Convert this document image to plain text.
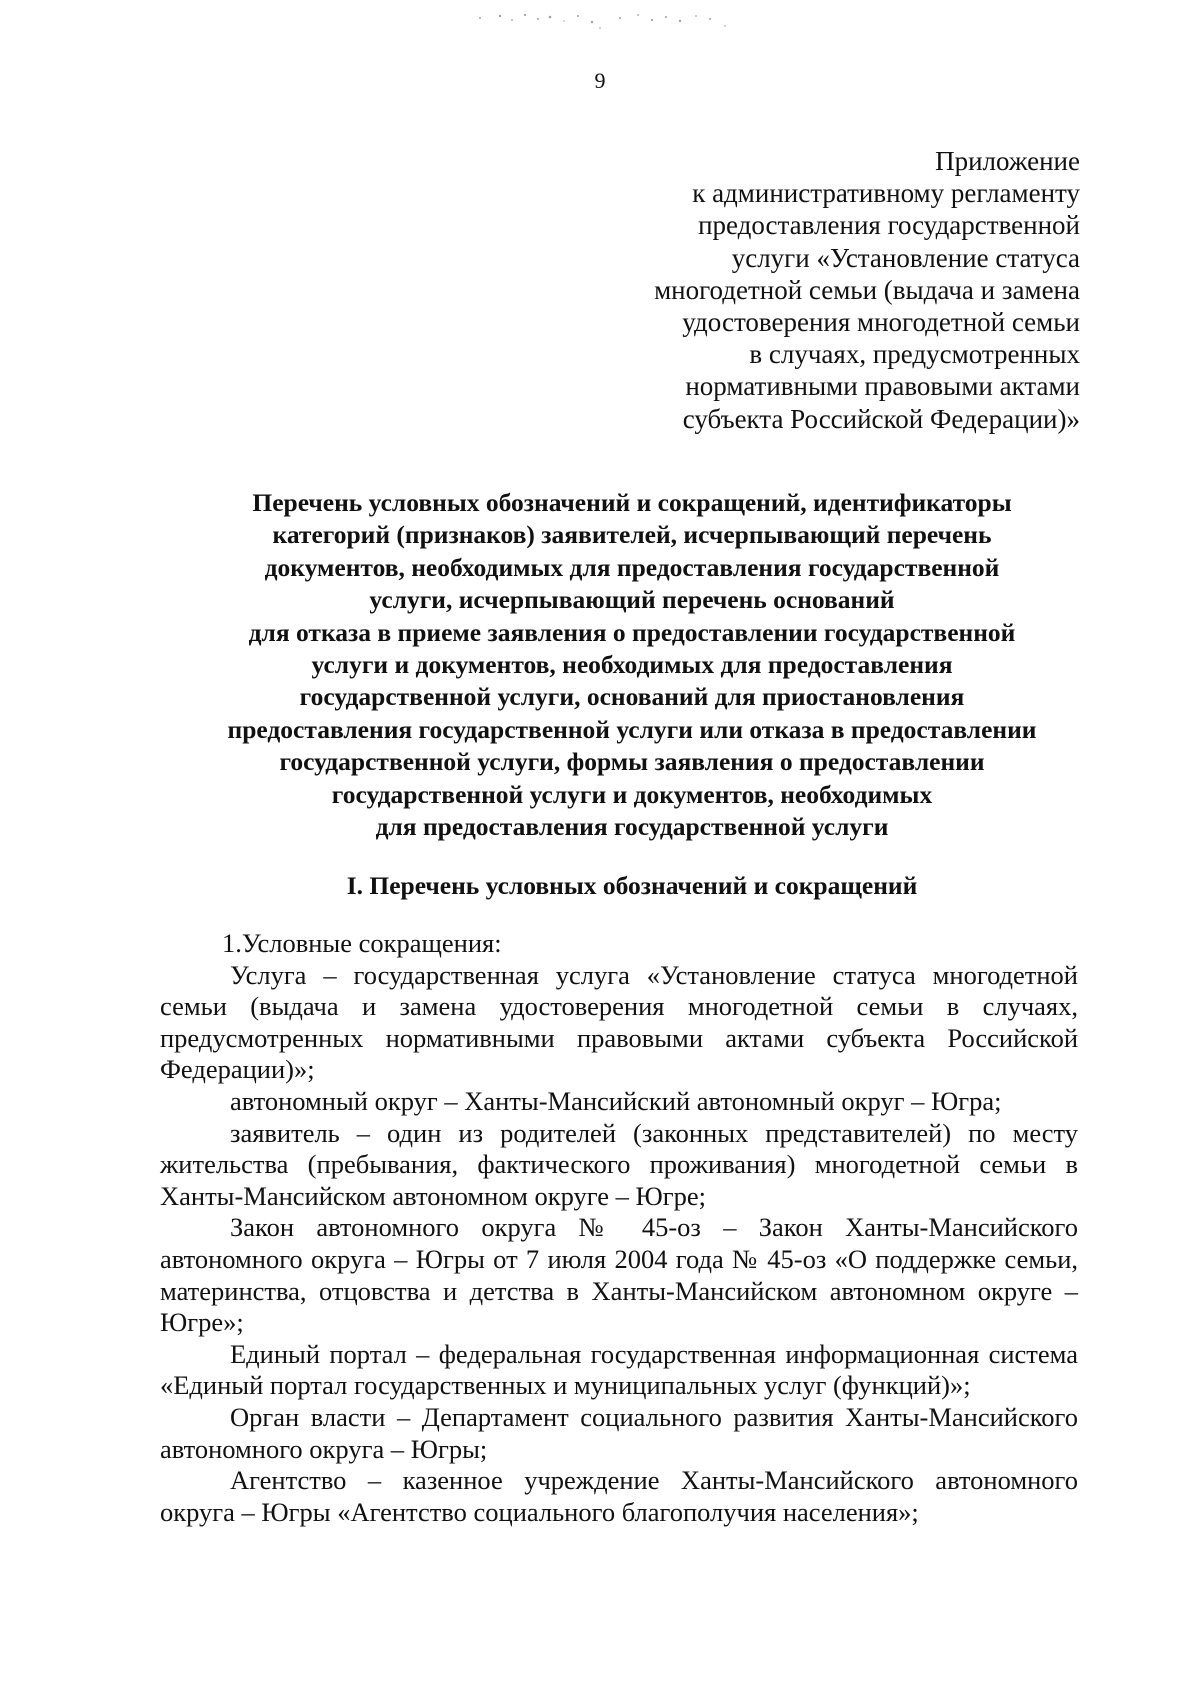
9
Приложение
к административному регламенту
предоставления государственной
услуги «Установление статуса
многодетной семьи (выдача и замена
удостоверения многодетной семьи
в случаях, предусмотренных
нормативными правовыми актами
субъекта Российской Федерации)»
Перечень условных обозначений и сокращений, идентификаторы
категорий (признаков) заявителей, исчерпывающий перечень
документов, необходимых для предоставления государственной
услуги, исчерпывающий перечень оснований
для отказа в приеме заявления о предоставлении государственной
услуги и документов, необходимых для предоставления
государственной услуги, оснований для приостановления
предоставления государственной услуги или отказа в предоставлении
государственной услуги, формы заявления о предоставлении
государственной услуги и документов, необходимых
для предоставления государственной услуги
I. Перечень условных обозначений и сокращений

1.Условные сокращения:

Услуга – государственная услуга «Установление статуса многодетной семьи (выдача и замена удостоверения многодетной семьи в случаях, предусмотренных нормативными правовыми актами субъекта Российской Федерации)»;

автономный округ – Ханты-Мансийский автономный округ – Югра;

заявитель – один из родителей (законных представителей) по месту жительства (пребывания, фактического проживания) многодетной семьи в Ханты-Мансийском автономном округе – Югре;

Закон автономного округа № 45-оз – Закон Ханты-Мансийского автономного округа – Югры от 7 июля 2004 года № 45-оз «О поддержке семьи, материнства, отцовства и детства в Ханты-Мансийском автономном округе – Югре»;

Единый портал – федеральная государственная информационная система «Единый портал государственных и муниципальных услуг (функций)»;

Орган власти – Департамент социального развития Ханты-Мансийского автономного округа – Югры;

Агентство – казенное учреждение Ханты-Мансийского автономного округа – Югры «Агентство социального благополучия населения»;
